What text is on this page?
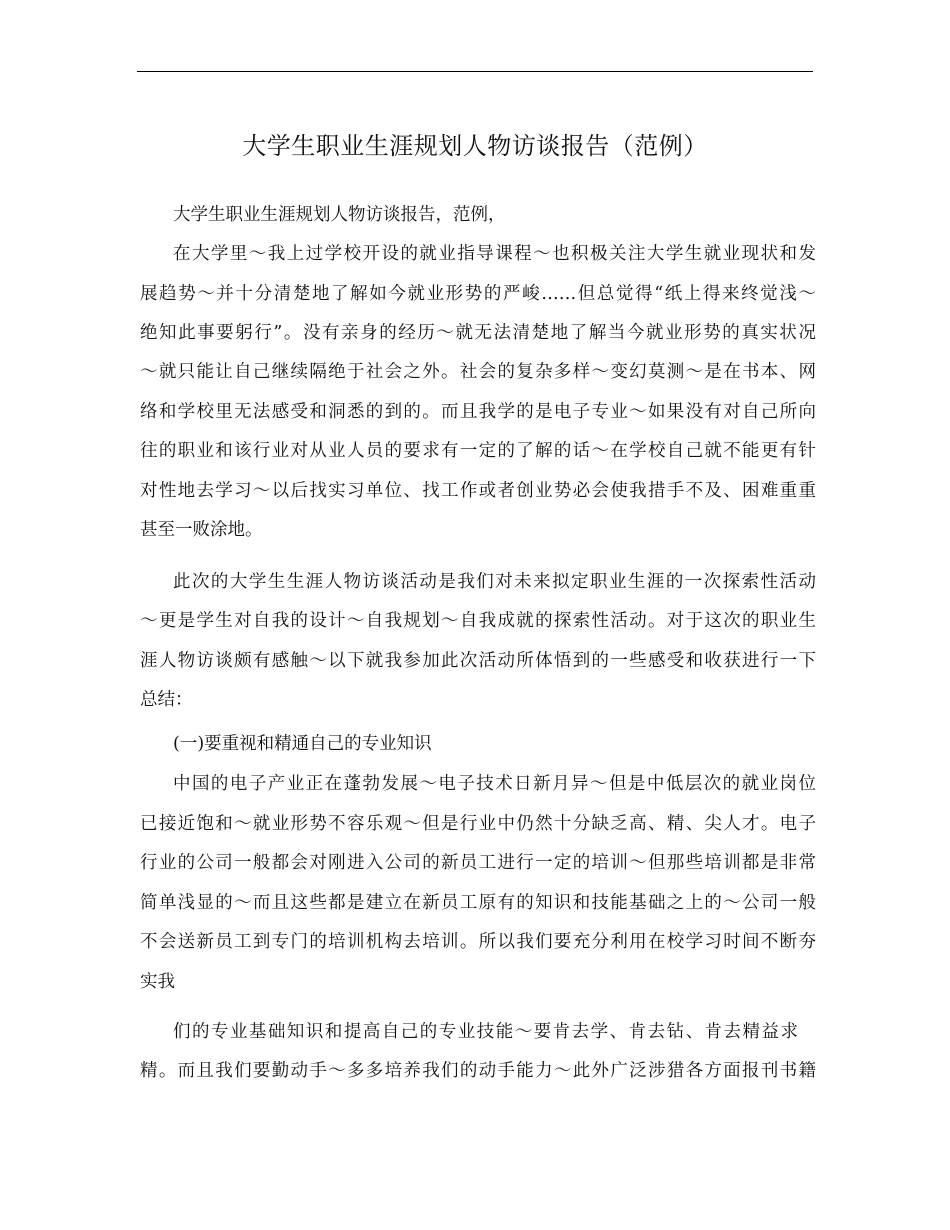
大学生职业生涯规划人物访谈报告（范例）

大学生职业生涯规划人物访谈报告，范例，

在大学里～我上过学校开设的就业指导课程～也积极关注大学生就业现状和发

展趋势～并十分清楚地了解如今就业形势的严峻……但总觉得“纸上得来终觉浅～

绝知此事要躬行”。没有亲身的经历～就无法清楚地了解当今就业形势的真实状况

～就只能让自己继续隔绝于社会之外。社会的复杂多样～变幻莫测～是在书本、网

络和学校里无法感受和洞悉的到的。而且我学的是电子专业～如果没有对自己所向

往的职业和该行业对从业人员的要求有一定的了解的话～在学校自己就不能更有针

对性地去学习～以后找实习单位、找工作或者创业势必会使我措手不及、困难重重

甚至一败涂地。

此次的大学生生涯人物访谈活动是我们对未来拟定职业生涯的一次探索性活动

～更是学生对自我的设计～自我规划～自我成就的探索性活动。对于这次的职业生

涯人物访谈颇有感触～以下就我参加此次活动所体悟到的一些感受和收获进行一下

总结：

(一)要重视和精通自己的专业知识

中国的电子产业正在蓬勃发展～电子技术日新月异～但是中低层次的就业岗位

已接近饱和～就业形势不容乐观～但是行业中仍然十分缺乏高、精、尖人才。电子

行业的公司一般都会对刚进入公司的新员工进行一定的培训～但那些培训都是非常

简单浅显的～而且这些都是建立在新员工原有的知识和技能基础之上的～公司一般

不会送新员工到专门的培训机构去培训。所以我们要充分利用在校学习时间不断夯

实我

们的专业基础知识和提高自己的专业技能～要肯去学、肯去钻、肯去精益求

精。而且我们要勤动手～多多培养我们的动手能力～此外广泛涉猎各方面报刊书籍
